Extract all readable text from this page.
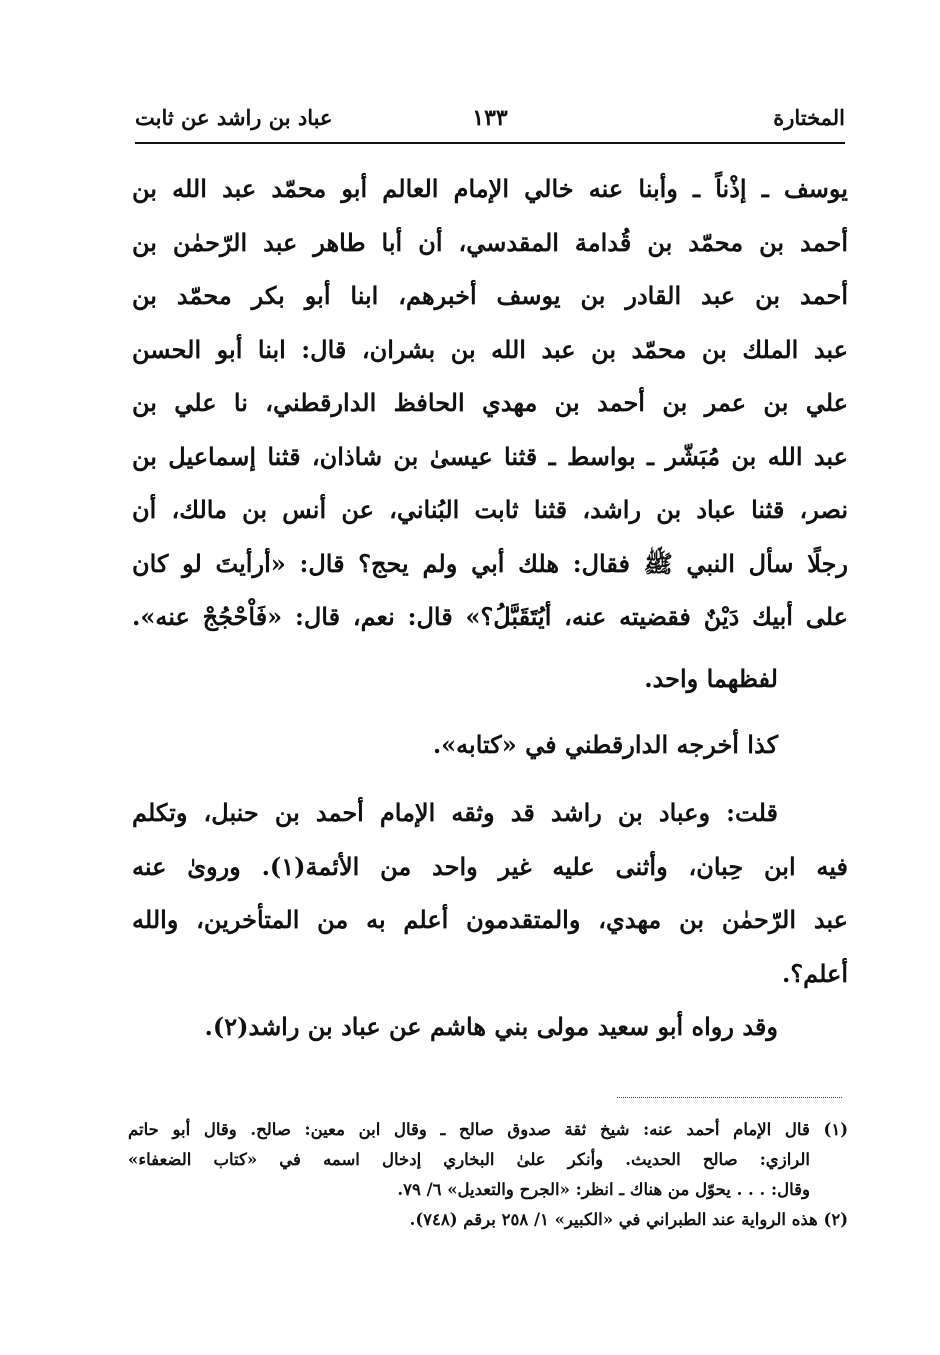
المختارة
١٣٣
عباد بن راشد عن ثابت
يوسف ـ إذْناً ـ وأبنا عنه خالي الإمام العالم أبو محمّد عبد الله بن
أحمد بن محمّد بن قُدامة المقدسي، أن أبا طاهر عبد الرّحمٰن بن
أحمد بن عبد القادر بن يوسف أخبرهم، ابنا أبو بكر محمّد بن
عبد الملك بن محمّد بن عبد الله بن بشران، قال: ابنا أبو الحسن
علي بن عمر بن أحمد بن مهدي الحافظ الدارقطني، نا علي بن
عبد الله بن مُبَشّر ـ بواسط ـ قثنا عيسىٰ بن شاذان، قثنا إسماعيل بن
نصر، قثنا عباد بن راشد، قثنا ثابت البُناني، عن أنس بن مالك، أن
رجلًا سأل النبي ﷺ فقال: هلك أبي ولم يحج؟ قال: «أرأيتَ لو كان
على أبيك دَيْنٌ فقضيته عنه، أيُتَقَبَّلُ؟» قال: نعم، قال: «فَاْحْجُجْ عنه».
لفظهما واحد.
كذا أخرجه الدارقطني في «كتابه».
قلت: وعباد بن راشد قد وثقه الإمام أحمد بن حنبل، وتكلم
فيه ابن حِبان، وأثنى عليه غير واحد من الأئمة(١). وروىٰ عنه
عبد الرّحمٰن بن مهدي، والمتقدمون أعلم به من المتأخرين، والله
أعلم؟.
وقد رواه أبو سعيد مولى بني هاشم عن عباد بن راشد(٢).
(١) قال الإمام أحمد عنه: شيخ ثقة صدوق صالح ـ وقال ابن معين: صالح. وقال أبو حاتم
الرازي: صالح الحديث. وأنكر علىٰ البخاري إدخال اسمه في «كتاب الضعفاء»
وقال: . . . يحوّل من هناك ـ انظر: «الجرح والتعديل» ٦/ ٧٩.
(٢) هذه الرواية عند الطبراني في «الكبير» ١/ ٢٥٨ برقم (٧٤٨).
